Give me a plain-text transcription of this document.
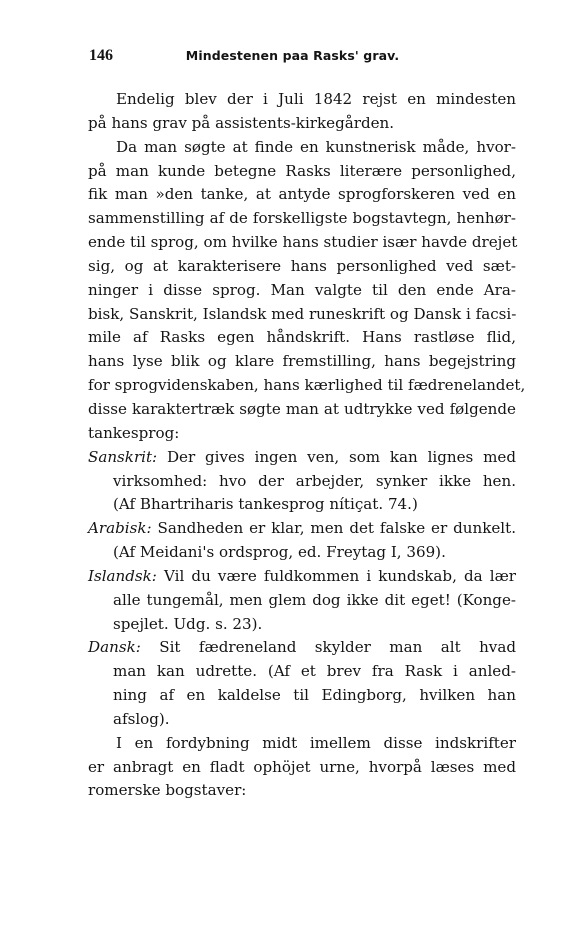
146	Mindestenen paa Rasks' grav.
Endelig blev der i Juli 1842 rejst en mindesten
på hans grav på assistents-kirkegården.
Da man søgte at finde en kunstnerisk måde, hvor-
på man kunde betegne Rasks literære personlighed,
fik man »den tanke, at antyde sprogforskeren ved en
sammenstilling af de forskelligste bogstavtegn, henhør-
ende til sprog, om hvilke hans studier især havde drejet
sig, og at karakterisere hans personlighed ved sæt-
ninger i disse sprog. Man valgte til den ende Ara-
bisk, Sanskrit, Islandsk med runeskrift og Dansk i facsi-
mile af Rasks egen håndskrift. Hans rastløse flid,
hans lyse blik og klare fremstilling, hans begejstring
for sprogvidenskaben, hans kærlighed til fædrenelandet,
disse karaktertræk søgte man at udtrykke ved følgende
tankesprog:
Sanskrit: Der gives ingen ven, som kan lignes med
virksomhed: hvo der arbejder, synker ikke hen.
(Af Bhartriharis tankesprog nítiçat. 74.)
Arabisk: Sandheden er klar, men det falske er dunkelt.
(Af Meidani's ordsprog, ed. Freytag I, 369).
Islandsk: Vil du være fuldkommen i kundskab, da lær
alle tungemål, men glem dog ikke dit eget! (Konge-
spejlet. Udg. s. 23).
Dansk: Sit fædreneland skylder man alt hvad
man kan udrette. (Af et brev fra Rask i anled-
ning af en kaldelse til Edingborg, hvilken han
afslog).
I en fordybning midt imellem disse indskrifter
er anbragt en fladt ophöjet urne, hvorpå læses med
romerske bogstaver:
